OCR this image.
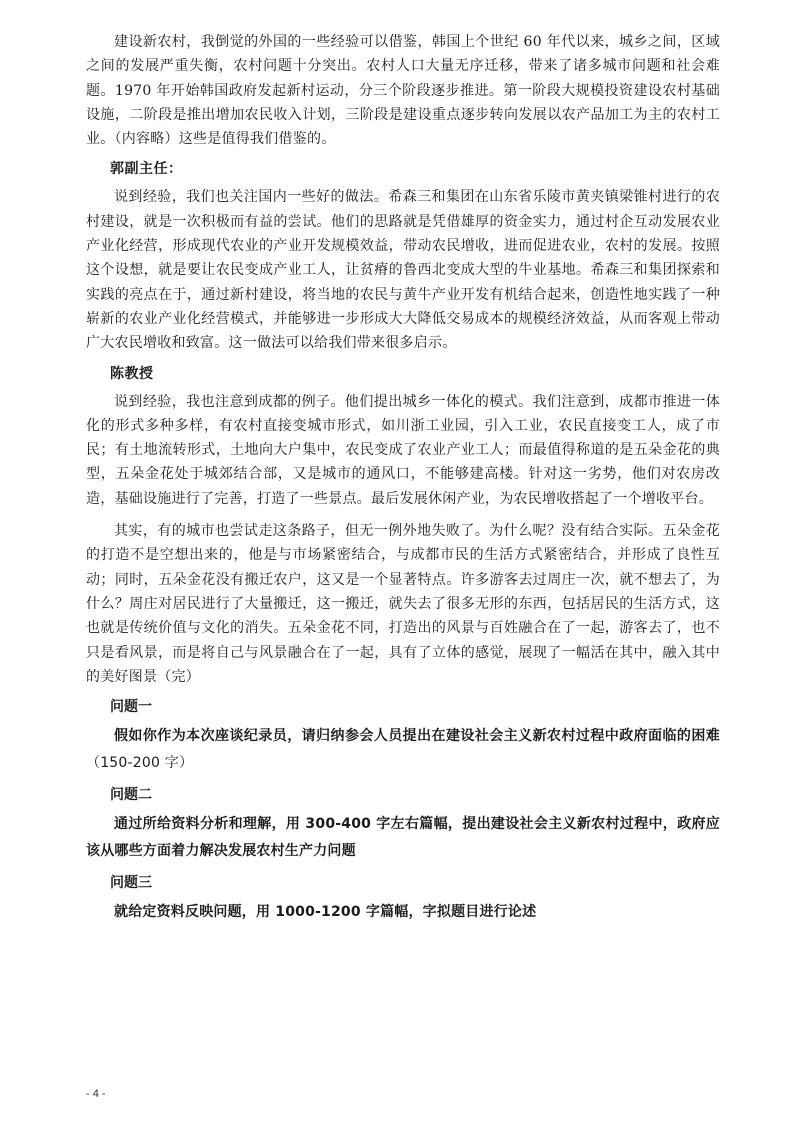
建设新农村，我倒觉的外国的一些经验可以借鉴，韩国上个世纪 60 年代以来，城乡之间，区域之间的发展严重失衡，农村问题十分突出。农村人口大量无序迁移，带来了诸多城市问题和社会难题。1970 年开始韩国政府发起新村运动，分三个阶段逐步推进。第一阶段大规模投资建设农村基础设施，二阶段是推出增加农民收入计划，三阶段是建设重点逐步转向发展以农产品加工为主的农村工业。（内容略）这些是值得我们借鉴的。

郭副主任：

说到经验，我们也关注国内一些好的做法。希森三和集团在山东省乐陵市黄夹镇梁锥村进行的农村建设，就是一次积极而有益的尝试。他们的思路就是凭借雄厚的资金实力，通过村企互动发展农业产业化经营，形成现代农业的产业开发规模效益，带动农民增收，进而促进农业，农村的发展。按照这个设想，就是要让农民变成产业工人，让贫瘠的鲁西北变成大型的牛业基地。希森三和集团探索和实践的亮点在于，通过新村建设，将当地的农民与黄牛产业开发有机结合起来，创造性地实践了一种崭新的农业产业化经营模式，并能够进一步形成大大降低交易成本的规模经济效益，从而客观上带动广大农民增收和致富。这一做法可以给我们带来很多启示。

陈教授

说到经验，我也注意到成都的例子。他们提出城乡一体化的模式。我们注意到，成都市推进一体化的形式多种多样，有农村直接变城市形式，如川浙工业园，引入工业，农民直接变工人，成了市民；有土地流转形式，土地向大户集中，农民变成了农业产业工人；而最值得称道的是五朵金花的典型，五朵金花处于城郊结合部，又是城市的通风口，不能够建高楼。针对这一劣势，他们对农房改造，基础设施进行了完善，打造了一些景点。最后发展休闲产业，为农民增收搭起了一个增收平台。

其实，有的城市也尝试走这条路子，但无一例外地失败了。为什么呢？没有结合实际。五朵金花的打造不是空想出来的，他是与市场紧密结合，与成都市民的生活方式紧密结合，并形成了良性互动；同时，五朵金花没有搬迁农户，这又是一个显著特点。许多游客去过周庄一次，就不想去了，为什么？周庄对居民进行了大量搬迁，这一搬迁，就失去了很多无形的东西，包括居民的生活方式，这也就是传统价值与文化的消失。五朵金花不同，打造出的风景与百姓融合在了一起，游客去了，也不只是看风景，而是将自己与风景融合在了一起，具有了立体的感觉，展现了一幅活在其中，融入其中的美好图景（完）

问题一

假如你作为本次座谈纪录员，请归纳参会人员提出在建设社会主义新农村过程中政府面临的困难（150-200 字）

问题二

通过所给资料分析和理解，用 300-400 字左右篇幅，提出建设社会主义新农村过程中，政府应该从哪些方面着力解决发展农村生产力问题

问题三

就给定资料反映问题，用 1000-1200 字篇幅，字拟题目进行论述

- 4 -
